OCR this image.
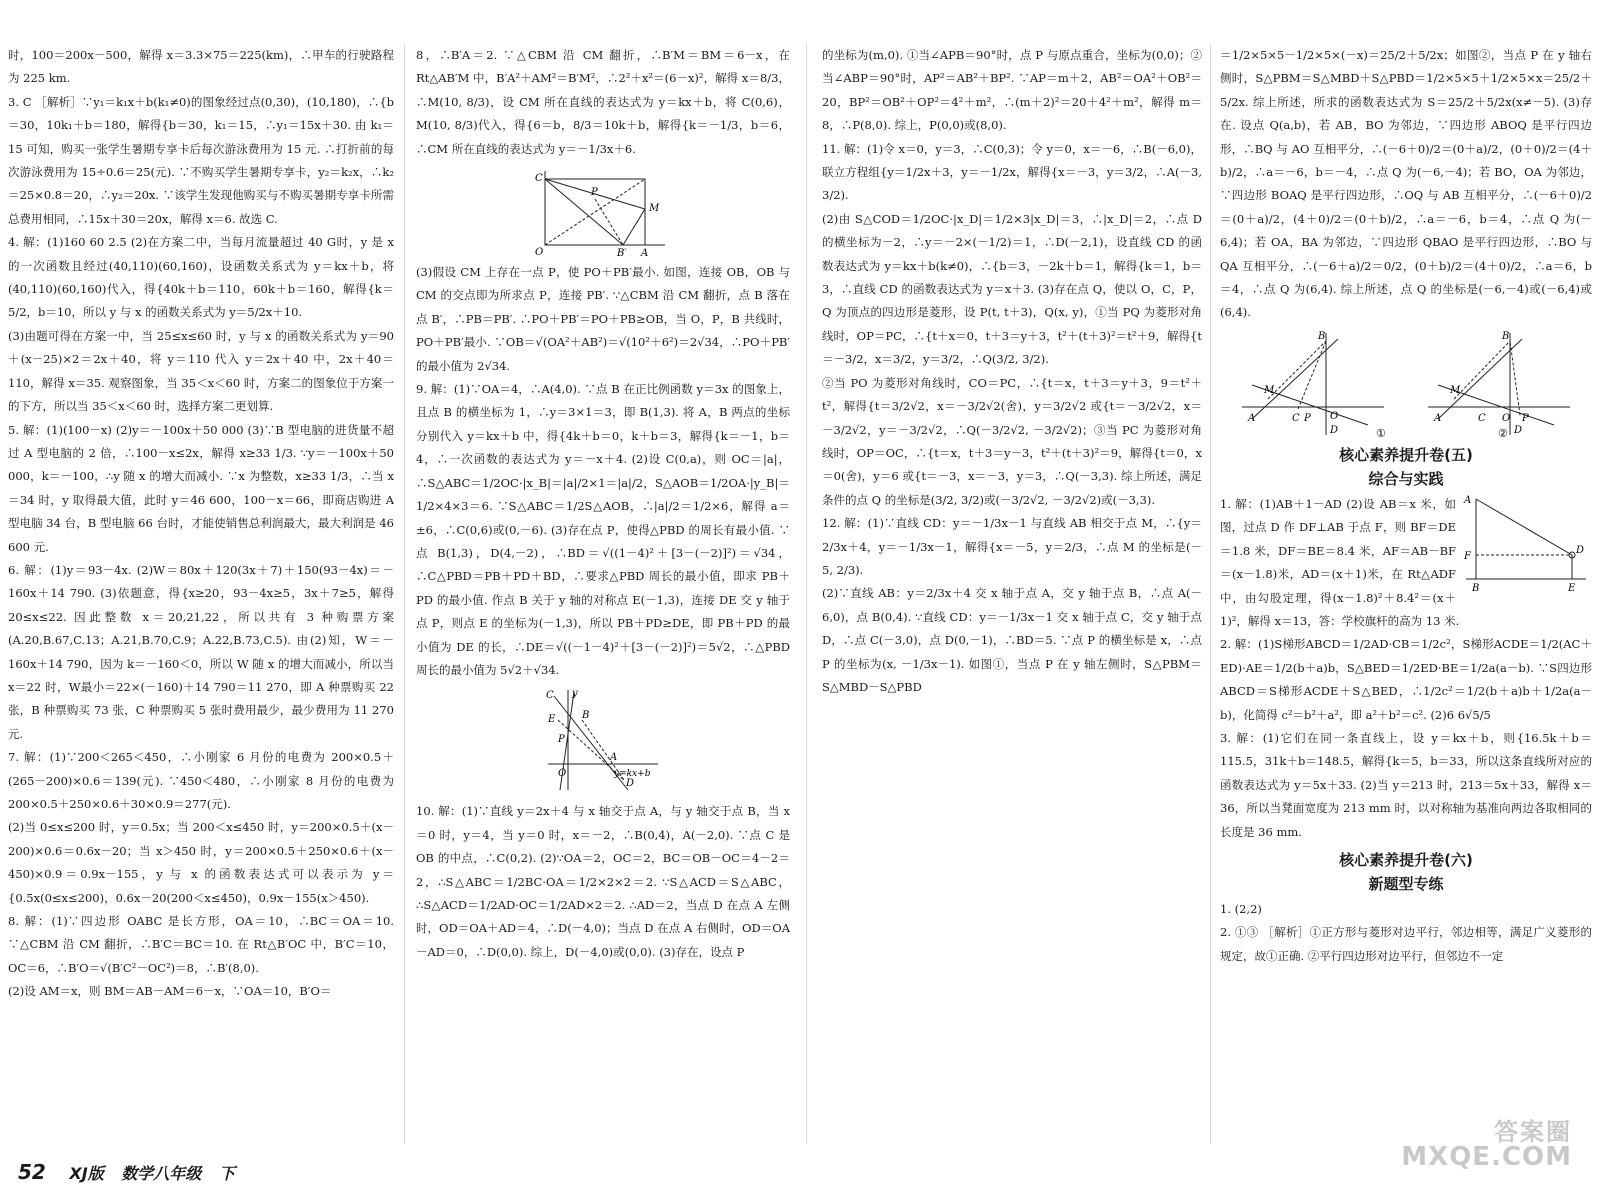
时，100＝200x－500，解得 x＝3.3×75＝225(km)，∴甲车的行驶路程为 225 km.

3. C ［解析］∵y₁＝k₁x＋b(k₁≠0)的图象经过点(0,30)，(10,180)，∴{b＝30，10k₁＋b＝180，解得{b＝30，k₁＝15，∴y₁＝15x＋30. 由 k₁＝15 可知，购买一张学生暑期专享卡后每次游泳费用为 15 元. ∴打折前的每次游泳费用为 15÷0.6＝25(元). ∵不购买学生暑期专享卡，y₂＝k₂x，∴k₂＝25×0.8＝20，∴y₂＝20x. ∵该学生发现他购买与不购买暑期专享卡所需总费用相同，∴15x＋30＝20x，解得 x＝6. 故选 C.

4. 解：(1)160 60 2.5 (2)在方案二中，当每月流量超过 40 G时，y 是 x 的一次函数且经过(40,110)(60,160)，设函数关系式为 y＝kx＋b，将(40,110)(60,160)代入，得{40k＋b＝110，60k＋b＝160，解得{k＝5/2，b＝10，所以 y 与 x 的函数关系式为 y＝5/2x＋10.

(3)由题可得在方案一中，当 25≤x≤60 时，y 与 x 的函数关系式为 y＝90＋(x－25)×2＝2x＋40，将 y＝110 代入 y＝2x＋40 中，2x＋40＝110，解得 x＝35. 观察图象，当 35＜x＜60 时，方案二的图象位于方案一的下方，所以当 35＜x＜60 时，选择方案二更划算.

5. 解：(1)(100－x) (2)y＝－100x＋50 000 (3)∵B 型电脑的进货量不超过 A 型电脑的 2 倍，∴100－x≤2x，解得 x≥33 1/3. ∵y＝－100x＋50 000，k＝－100，∴y 随 x 的增大而减小. ∵x 为整数，x≥33 1/3，∴当 x＝34 时，y 取得最大值，此时 y＝46 600，100－x＝66，即商店购进 A 型电脑 34 台，B 型电脑 66 台时，才能使销售总利润最大，最大利润是 46 600 元.

6. 解：(1)y＝93－4x. (2)W＝80x＋120(3x＋7)＋150(93－4x)＝－160x＋14 790. (3)依题意，得{x≥20，93－4x≥5，3x＋7≥5，解得 20≤x≤22. 因此整数 x＝20,21,22，所以共有 3 种购票方案(A.20,B.67,C.13；A.21,B.70,C.9；A.22,B.73,C.5). 由(2)知，W＝－160x＋14 790，因为 k＝－160＜0，所以 W 随 x 的增大而减小，所以当 x＝22 时，W最小＝22×(－160)＋14 790＝11 270，即 A 种票购买 22 张，B 种票购买 73 张，C 种票购买 5 张时费用最少，最少费用为 11 270 元.

7. 解：(1)∵200＜265＜450，∴小刚家 6 月份的电费为 200×0.5＋(265－200)×0.6＝139(元). ∵450＜480，∴小刚家 8 月份的电费为 200×0.5＋250×0.6＋30×0.9＝277(元).

(2)当 0≤x≤200 时，y＝0.5x；当 200＜x≤450 时，y＝200×0.5＋(x－200)×0.6＝0.6x－20；当 x＞450 时，y＝200×0.5＋250×0.6＋(x－450)×0.9＝0.9x－155，y 与 x 的函数表达式可以表示为 y＝{0.5x(0≤x≤200)，0.6x－20(200＜x≤450)，0.9x－155(x＞450).

8. 解：(1)∵四边形 OABC 是长方形，OA＝10，∴BC＝OA＝10. ∵△CBM 沿 CM 翻折，∴B′C＝BC＝10. 在 Rt△B′OC 中，B′C＝10，OC＝6，∴B′O＝√(B′C²－OC²)＝8，∴B′(8,0).

(2)设 AM＝x，则 BM＝AB－AM＝6－x，∵OA＝10，B′O＝

8，∴B′A＝2. ∵△CBM 沿 CM 翻折，∴B′M＝BM＝6－x，在 Rt△AB′M 中，B′A²＋AM²＝B′M²，∴2²＋x²＝(6－x)²，解得 x＝8/3，∴M(10, 8/3)，设 CM 所在直线的表达式为 y＝kx＋b，将 C(0,6)，M(10, 8/3)代入，得{6＝b，8/3＝10k＋b，解得{k＝－1/3，b＝6，∴CM 所在直线的表达式为 y＝－1/3x＋6.

C
P
M
O	B′ A

(3)假设 CM 上存在一点 P，使 PO＋PB′最小. 如图，连接 OB，OB 与 CM 的交点即为所求点 P，连接 PB′. ∵△CBM 沿 CM 翻折，点 B 落在点 B′，∴PB＝PB′. ∴PO＋PB′＝PO＋PB≥OB，当 O，P，B 共线时，PO＋PB′最小. ∵OB＝√(OA²＋AB²)＝√(10²＋6²)＝2√34，∴PO＋PB′的最小值为 2√34.

9. 解：(1)∵OA＝4，∴A(4,0). ∵点 B 在正比例函数 y＝3x 的图象上，且点 B 的横坐标为 1，∴y＝3×1＝3，即 B(1,3). 将 A，B 两点的坐标分别代入 y＝kx＋b 中，得{4k＋b＝0，k＋b＝3，解得{k＝－1，b＝4，∴一次函数的表达式为 y＝－x＋4. (2)设 C(0,a)，则 OC＝|a|，∴S△ABC＝1/2OC·|x_B|＝|a|/2×1＝|a|/2，S△AOB＝1/2OA·|y_B|＝1/2×4×3＝6. ∵S△ABC＝1/2S△AOB，∴|a|/2＝1/2×6，解得 a＝±6，∴C(0,6)或(0,－6). (3)存在点 P，使得△PBD 的周长有最小值. ∵点 B(1,3)，D(4,－2)，∴BD＝√((1－4)²＋[3－(－2)]²)＝√34，∴C△PBD＝PB＋PD＋BD，∴要求△PBD 周长的最小值，即求 PB＋PD 的最小值. 作点 B 关于 y 轴的对称点 E(－1,3)，连接 DE 交 y 轴于点 P，则点 E 的坐标为(－1,3)，所以 PB＋PD≥DE，即 PB＋PD 的最小值为 DE 的长，∴DE＝√((－1－4)²＋[3－(－2)]²)＝5√2，∴△PBD 周长的最小值为 5√2＋√34.

C y
E	B
P
O
D
A
y=kx+b

10. 解：(1)∵直线 y＝2x＋4 与 x 轴交于点 A，与 y 轴交于点 B，当 x＝0 时，y＝4，当 y＝0 时，x＝－2，∴B(0,4)，A(－2,0). ∵点 C 是 OB 的中点，∴C(0,2). (2)∵OA＝2，OC＝2，BC＝OB－OC＝4－2＝2，∴S△ABC＝1/2BC·OA＝1/2×2×2＝2. ∵S△ACD＝S△ABC，∴S△ACD＝1/2AD·OC＝1/2AD×2＝2. ∴AD＝2，当点 D 在点 A 左侧时，OD＝OA＋AD＝4，∴D(－4,0)；当点 D 在点 A 右侧时，OD＝OA－AD＝0，∴D(0,0). 综上，D(－4,0)或(0,0). (3)存在，设点 P

的坐标为(m,0). ①当∠APB＝90°时，点 P 与原点重合，坐标为(0,0)；②当∠ABP＝90°时，AP²＝AB²＋BP². ∵AP＝m＋2，AB²＝OA²＋OB²＝20，BP²＝OB²＋OP²＝4²＋m²，∴(m＋2)²＝20＋4²＋m²，解得 m＝8，∴P(8,0). 综上，P(0,0)或(8,0).

11. 解：(1)令 x＝0，y＝3，∴C(0,3)；令 y＝0，x＝－6，∴B(－6,0)，联立方程组{y＝1/2x＋3，y＝－1/2x，解得{x＝－3，y＝3/2，∴A(－3, 3/2).

(2)由 S△COD＝1/2OC·|x_D|＝1/2×3|x_D|＝3，∴|x_D|＝2，∴点 D 的横坐标为－2，∴y＝－2×(－1/2)＝1，∴D(－2,1)，设直线 CD 的函数表达式为 y＝kx＋b(k≠0)，∴{b＝3，－2k＋b＝1，解得{k＝1，b＝3，∴直线 CD 的函数表达式为 y＝x＋3. (3)存在点 Q，使以 O，C，P，Q 为顶点的四边形是菱形，设 P(t, t＋3)，Q(x, y)，①当 PQ 为菱形对角线时，OP＝PC，∴{t＋x＝0，t＋3＝y＋3，t²＋(t＋3)²＝t²＋9，解得{t＝－3/2，x＝3/2，y＝3/2，∴Q(3/2, 3/2).

②当 PO 为菱形对角线时，CO＝PC，∴{t＝x，t＋3＝y＋3，9＝t²＋t²，解得{t＝3/2√2，x＝－3/2√2(舍)，y＝3/2√2 或{t＝－3/2√2，x＝－3/2√2，y＝－3/2√2，∴Q(－3/2√2, －3/2√2)；③当 PC 为菱形对角线时，OP＝OC，∴{t＝x，t＋3＝y－3，t²＋(t＋3)²＝9，解得{t＝0，x＝0(舍)，y＝6 或{t＝－3，x＝－3，y＝3，∴Q(－3,3). 综上所述，满足条件的点 Q 的坐标是(3/2, 3/2)或(－3/2√2, －3/2√2)或(－3,3).

12. 解：(1)∵直线 CD：y＝－1/3x－1 与直线 AB 相交于点 M，∴{y＝2/3x＋4，y＝－1/3x－1，解得{x＝－5，y＝2/3，∴点 M 的坐标是(－5, 2/3).

(2)∵直线 AB：y＝2/3x＋4 交 x 轴于点 A，交 y 轴于点 B，∴点 A(－6,0)，点 B(0,4). ∵直线 CD：y＝－1/3x－1 交 x 轴于点 C，交 y 轴于点 D，∴点 C(－3,0)，点 D(0,－1)，∴BD＝5. ∵点 P 的横坐标是 x，∴点 P 的坐标为(x, －1/3x－1). 如图①，当点 P 在 y 轴左侧时，S△PBM＝S△MBD－S△PBD

＝1/2×5×5－1/2×5×(－x)＝25/2＋5/2x；如图②，当点 P 在 y 轴右侧时，S△PBM＝S△MBD＋S△PBD＝1/2×5×5＋1/2×5×x＝25/2＋5/2x. 综上所述，所求的函数表达式为 S＝25/2＋5/2x(x≠－5). (3)存在. 设点 Q(a,b)，若 AB，BO 为邻边，∵四边形 ABOQ 是平行四边形，∴BQ 与 AO 互相平分，∴(－6＋0)/2＝(0＋a)/2，(0＋0)/2＝(4＋b)/2，∴a＝－6，b＝－4，∴点 Q 为(－6,－4)；若 BO，OA 为邻边，∵四边形 BOAQ 是平行四边形，∴OQ 与 AB 互相平分，∴(－6＋0)/2＝(0＋a)/2，(4＋0)/2＝(0＋b)/2，∴a＝－6，b＝4，∴点 Q 为(－6,4)；若 OA，BA 为邻边，∵四边形 QBAO 是平行四边形，∴BO 与 QA 互相平分，∴(－6＋a)/2＝0/2，(0＋b)/2＝(4＋0)/2，∴a＝6，b＝4，∴点 Q 为(6,4). 综上所述，点 Q 的坐标是(－6,－4)或(－6,4)或(6,4).

B
M
A	C P O
D	①
B
M
A	C O P
D
②
核心素养提升卷(五)
综合与实践
A
F
D
B	E

1. 解：(1)AB＋1－AD (2)设 AB＝x 米，如图，过点 D 作 DF⊥AB 于点 F，则 BF＝DE＝1.8 米，DF＝BE＝8.4 米，AF＝AB－BF＝(x－1.8)米，AD＝(x＋1)米，在 Rt△ADF 中，由勾股定理，得(x－1.8)²＋8.4²＝(x＋1)²，解得 x＝13，答：学校旗杆的高为 13 米.

2. 解：(1)S梯形ABCD＝1/2AD·CB＝1/2c²，S梯形ACDE＝1/2(AC＋ED)·AE＝1/2(b＋a)b，S△BED＝1/2ED·BE＝1/2a(a－b). ∵S四边形ABCD＝S梯形ACDE＋S△BED，∴1/2c²＝1/2(b＋a)b＋1/2a(a－b)，化简得 c²＝b²＋a²，即 a²＋b²＝c². (2)6 6√5/5

3. 解：(1)它们在同一条直线上，设 y＝kx＋b，则{16.5k＋b＝115.5，31k＋b＝148.5，解得{k＝5，b＝33，所以这条直线所对应的函数表达式为 y＝5x＋33. (2)当 y＝213 时，213＝5x＋33，解得 x＝36，所以当凳面宽度为 213 mm 时，以对称轴为基准向两边各取相同的长度是 36 mm.

核心素养提升卷(六)
新题型专练

1. (2,2)

2. ①③ ［解析］①正方形与菱形对边平行，邻边相等，满足广义菱形的规定，故①正确. ②平行四边形对边平行，但邻边不一定

52 XJ版 数学八年级 下
答案圈
MXQE.COM
